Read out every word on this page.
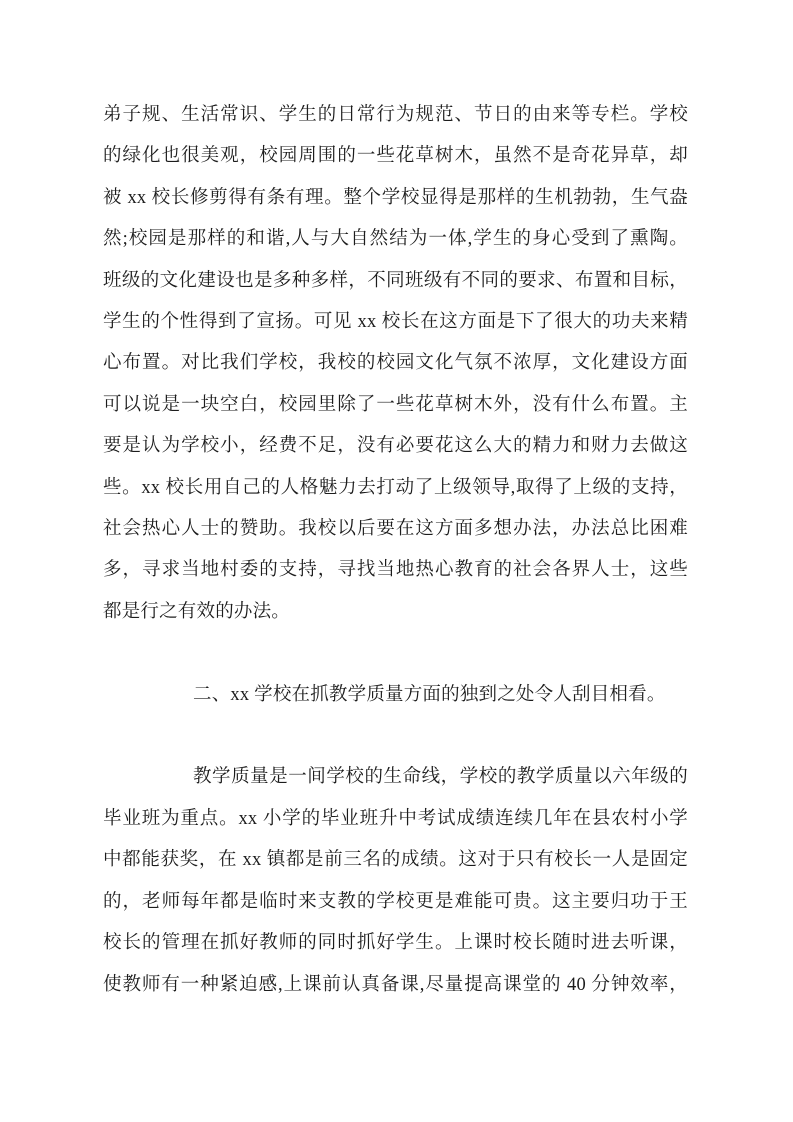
弟子规、生活常识、学生的日常行为规范、节日的由来等专栏。学校
的绿化也很美观，校园周围的一些花草树木，虽然不是奇花异草，却
被 xx 校长修剪得有条有理。整个学校显得是那样的生机勃勃，生气盎
然;校园是那样的和谐,人与大自然结为一体,学生的身心受到了熏陶。
班级的文化建设也是多种多样，不同班级有不同的要求、布置和目标，
学生的个性得到了宣扬。可见 xx 校长在这方面是下了很大的功夫来精
心布置。对比我们学校，我校的校园文化气氛不浓厚，文化建设方面
可以说是一块空白，校园里除了一些花草树木外，没有什么布置。主
要是认为学校小，经费不足，没有必要花这么大的精力和财力去做这
些。xx 校长用自己的人格魅力去打动了上级领导,取得了上级的支持，
社会热心人士的赞助。我校以后要在这方面多想办法，办法总比困难
多，寻求当地村委的支持，寻找当地热心教育的社会各界人士，这些
都是行之有效的办法。
二、xx 学校在抓教学质量方面的独到之处令人刮目相看。
教学质量是一间学校的生命线，学校的教学质量以六年级的
毕业班为重点。xx 小学的毕业班升中考试成绩连续几年在县农村小学
中都能获奖，在 xx 镇都是前三名的成绩。这对于只有校长一人是固定
的，老师每年都是临时来支教的学校更是难能可贵。这主要归功于王
校长的管理在抓好教师的同时抓好学生。上课时校长随时进去听课，
使教师有一种紧迫感,上课前认真备课,尽量提高课堂的 40 分钟效率，
